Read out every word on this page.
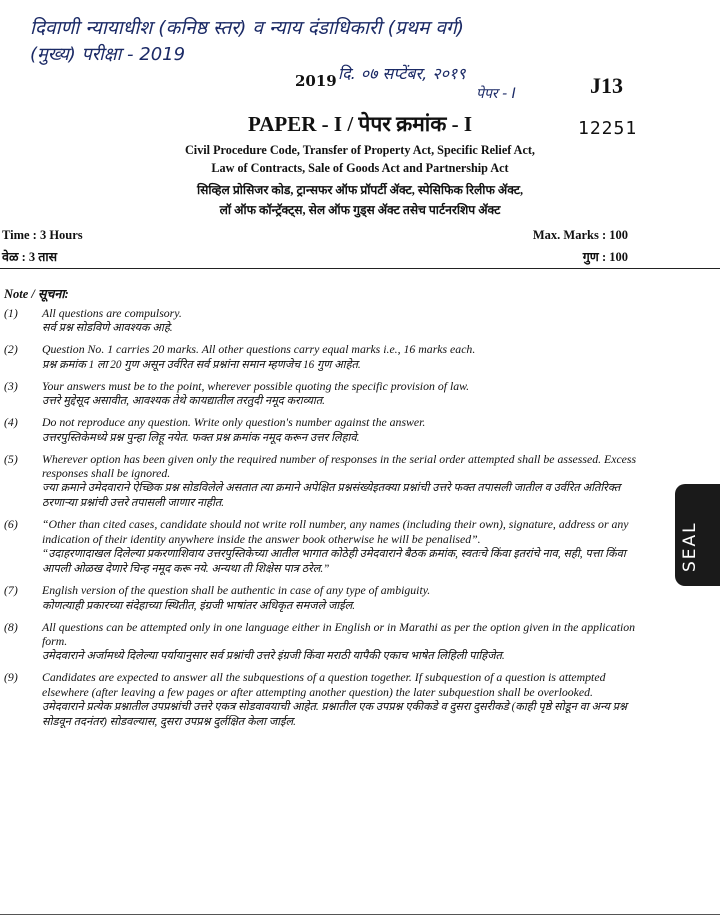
दिवाणी न्यायाधीश (कनिष्ठ स्तर) व न्याय दंडाधिकारी (प्रथम वर्ग)
(मुख्य) परीक्षा - 2019
दि. ०७ सप्टेंबर, २०१९
पेपर - I
2019	J13
12251
PAPER - I / पेपर क्रमांक - I
Civil Procedure Code, Transfer of Property Act, Specific Relief Act,
Law of Contracts, Sale of Goods Act and Partnership Act
सिव्हिल प्रोसिजर कोड, ट्रान्सफर ऑफ प्रॉपर्टी ॲक्ट, स्पेसिफिक रिलीफ ॲक्ट,
लॉ ऑफ कॉन्ट्रॅक्ट्स, सेल ऑफ गुड्स ॲक्ट तसेच पार्टनरशिप ॲक्ट
Time : 3 Hours
वेळ : 3 तास
Max. Marks : 100
गुण : 100
Note / सूचना:
(1)	All questions are compulsory.

सर्व प्रश्न सोडविणे आवश्यक आहे.

(2)	Question No. 1 carries 20 marks. All other questions carry equal marks i.e., 16 marks each.

प्रश्न क्रमांक 1 ला 20 गुण असून उर्वरित सर्व प्रश्नांना समान म्हणजेच 16 गुण आहेत.

(3)	Your answers must be to the point, wherever possible quoting the specific provision of law.

उत्तरे मुद्देसूद असावीत, आवश्यक तेथे कायद्यातील तरतुदी नमूद कराव्यात.

(4)	Do not reproduce any question. Write only question's number against the answer.

उत्तरपुस्तिकेमध्ये प्रश्न पुन्हा लिहू नयेत. फक्त प्रश्न क्रमांक नमूद करून उत्तर लिहावे.

(5)	Wherever option has been given only the required number of responses in the serial order attempted shall be assessed. Excess responses shall be ignored.

ज्या क्रमाने उमेदवाराने ऐच्छिक प्रश्न सोडविलेले असतात त्या क्रमाने अपेक्षित प्रश्नसंख्येइतक्या प्रश्नांची उत्तरे फक्त तपासली जातील व उर्वरित अतिरिक्त ठरणाऱ्या प्रश्नांची उत्तरे तपासली जाणार नाहीत.

(6)	“Other than cited cases, candidate should not write roll number, any names (including their own), signature, address or any indication of their identity anywhere inside the answer book otherwise he will be penalised”.

“उदाहरणादाखल दिलेल्या प्रकरणाशिवाय उत्तरपुस्तिकेच्या आतील भागात कोठेही उमेदवाराने बैठक क्रमांक, स्वतःचे किंवा इतरांचे नाव, सही, पत्ता किंवा आपली ओळख देणारे चिन्ह नमूद करू नये. अन्यथा ती शिक्षेस पात्र ठरेल.”

(7)	English version of the question shall be authentic in case of any type of ambiguity.

कोणत्याही प्रकारच्या संदेहाच्या स्थितीत, इंग्रजी भाषांतर अधिकृत समजले जाईल.

(8)	All questions can be attempted only in one language either in English or in Marathi as per the option given in the application form.

उमेदवाराने अर्जामध्ये दिलेल्या पर्यायानुसार सर्व प्रश्नांची उत्तरे इंग्रजी किंवा मराठी यापैकी एकाच भाषेत लिहिली पाहिजेत.

(9)	Candidates are expected to answer all the subquestions of a question together. If subquestion of a question is attempted elsewhere (after leaving a few pages or after attempting another question) the later subquestion shall be overlooked.

उमेदवाराने प्रत्येक प्रश्नातील उपप्रश्नांची उत्तरे एकत्र सोडवावयाची आहेत. प्रश्नातील एक उपप्रश्न एकीकडे व दुसरा दुसरीकडे (काही पृष्ठे सोडून वा अन्य प्रश्न सोडवून तदनंतर) सोडवल्यास, दुसरा उपप्रश्न दुर्लक्षित केला जाईल.

SEAL
